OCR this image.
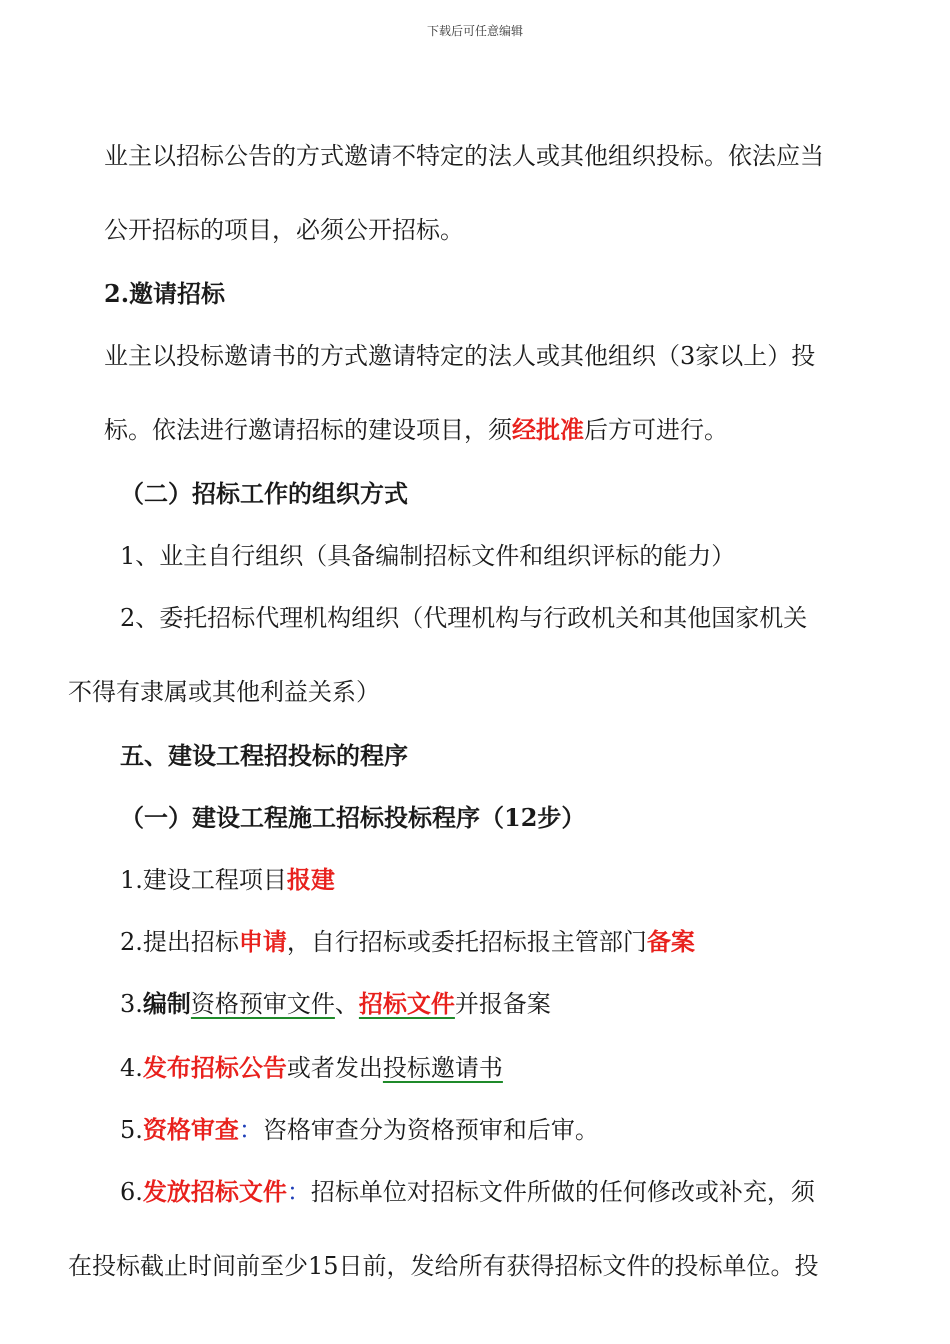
下载后可任意编辑
业主以招标公告的方式邀请不特定的法人或其他组织投标。依法应当
公开招标的项目，必须公开招标。
2.邀请招标
业主以投标邀请书的方式邀请特定的法人或其他组织（3家以上）投
标。依法进行邀请招标的建设项目，须经批准后方可进行。
（二）招标工作的组织方式
1、业主自行组织（具备编制招标文件和组织评标的能力）
2、委托招标代理机构组织（代理机构与行政机关和其他国家机关
不得有隶属或其他利益关系）
五、建设工程招投标的程序
（一）建设工程施工招标投标程序（12步）
1.建设工程项目报建
2.提出招标申请，自行招标或委托招标报主管部门备案
3.编制资格预审文件、招标文件并报备案
4.发布招标公告或者发出投标邀请书
5.资格审查：咨格审查分为资格预审和后审。
6.发放招标文件：招标单位对招标文件所做的任何修改或补充，须
在投标截止时间前至少15日前，发给所有获得招标文件的投标单位。投
